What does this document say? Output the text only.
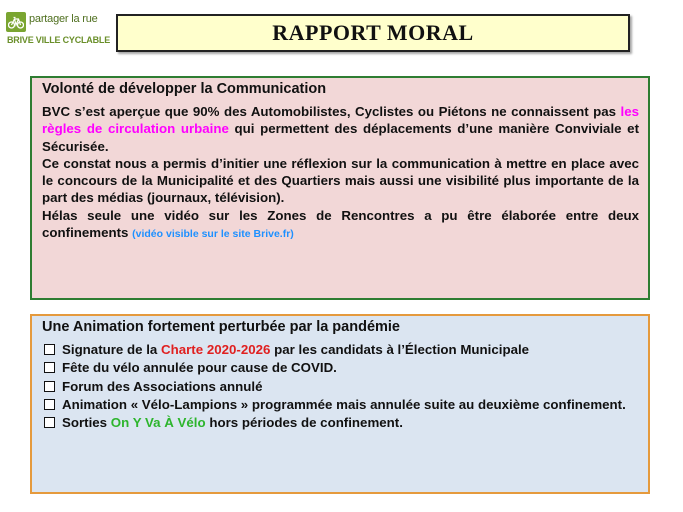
partager la rue
BRIVE VILLE CYCLABLE	RAPPORT MORAL
Volonté de développer la Communication
BVC s’est aperçue que 90% des Automobilistes, Cyclistes ou Piétons ne connaissent pas les règles de circulation urbaine qui permettent des déplacements d’une manière Conviviale et Sécurisée.
Ce constat nous a permis d’initier une réflexion sur la communication à mettre en place avec le concours de la Municipalité et des Quartiers mais aussi une visibilité plus importante de la part des médias (journaux, télévision).
Hélas seule une vidéo sur les Zones de Rencontres a pu être élaborée entre deux confinements (vidéo visible sur le site Brive.fr)
Une Animation fortement perturbée par la pandémie
Signature de la Charte 2020-2026 par les candidats à l’Élection Municipale
Fête du vélo annulée pour cause de COVID.
Forum des Associations annulé
Animation « Vélo-Lampions » programmée mais annulée suite au deuxième confinement.
Sorties On Y Va À Vélo hors périodes de confinement.
